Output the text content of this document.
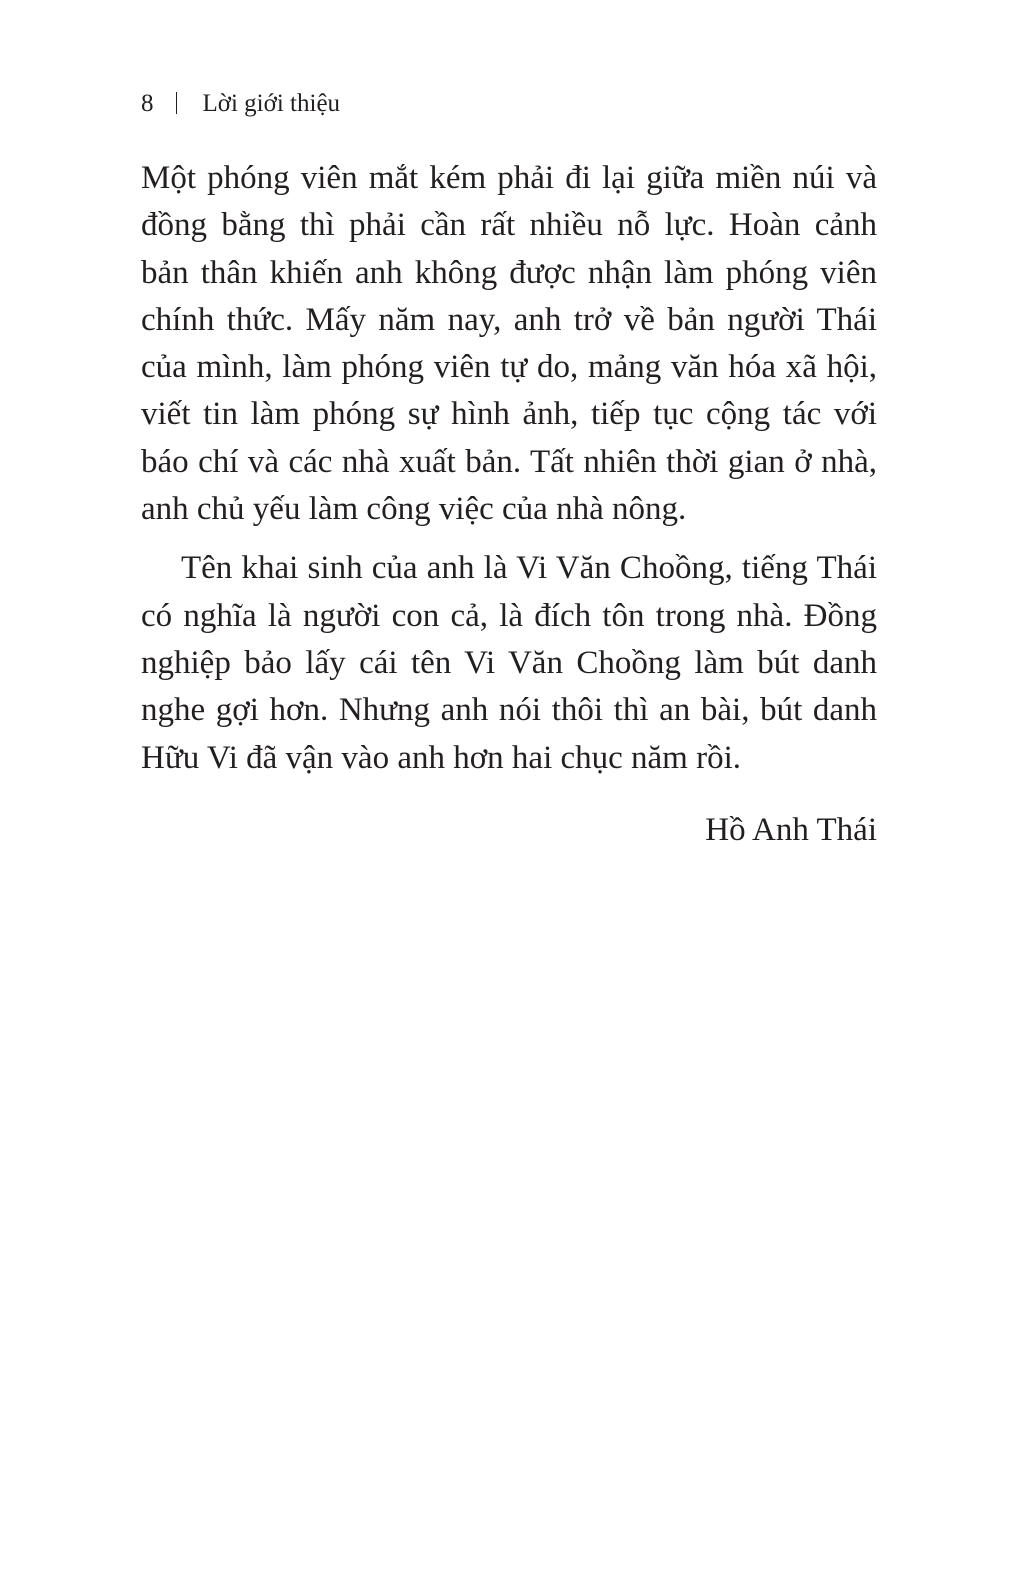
8 Lời giới thiệu

Một phóng viên mắt kém phải đi lại giữa miền núi và
đồng bằng thì phải cần rất nhiều nỗ lực. Hoàn cảnh
bản thân khiến anh không được nhận làm phóng viên
chính thức. Mấy năm nay, anh trở về bản người Thái
của mình, làm phóng viên tự do, mảng văn hóa xã hội,
viết tin làm phóng sự hình ảnh, tiếp tục cộng tác với
báo chí và các nhà xuất bản. Tất nhiên thời gian ở nhà,
anh chủ yếu làm công việc của nhà nông.

Tên khai sinh của anh là Vi Văn Choồng, tiếng Thái
có nghĩa là người con cả, là đích tôn trong nhà. Đồng
nghiệp bảo lấy cái tên Vi Văn Choồng làm bút danh
nghe gợi hơn. Nhưng anh nói thôi thì an bài, bút danh
Hữu Vi đã vận vào anh hơn hai chục năm rồi.

Hồ Anh Thái
